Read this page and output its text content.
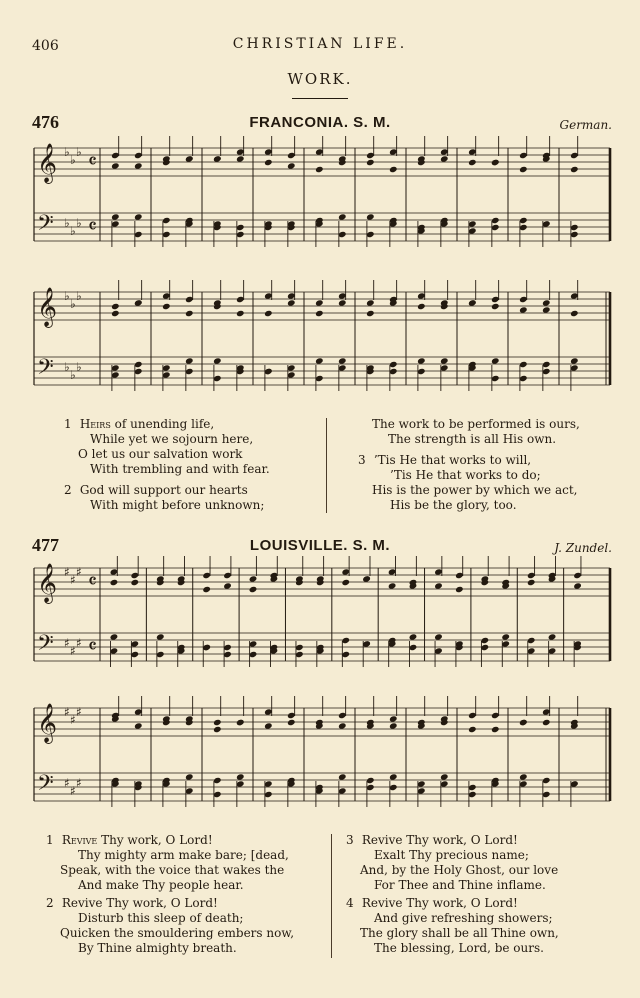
406	CHRISTIAN LIFE.
WORK.
476	FRANCONIA. S. M.	German.
477	LOUISVILLE. S. M.	J. Zundel.
𝄞 ♭
♭
♭ 𝄴
𝄢 ♭
♭
♭ 𝄴
𝄞 ♭
♭
♭
𝄢 ♭
♭
♭
𝄞 ♯
♯
♯ 𝄴
𝄢 ♯
♯
♯ 𝄴
𝄞 ♯
♯
♯
𝄢 ♯
♯
♯
1 Heirs of unending life,
While yet we sojourn here,
O let us our salvation work
With trembling and with fear.
2 God will support our hearts
With might before unknown;
The work to be performed is ours,
The strength is all His own.
3 ’Tis He that works to will,
’Tis He that works to do;
His is the power by which we act,
His be the glory, too.
1 Revive Thy work, O Lord!
Thy mighty arm make bare; [dead,
Speak, with the voice that wakes the
And make Thy people hear.
2 Revive Thy work, O Lord!
Disturb this sleep of death;
Quicken the smouldering embers now,
By Thine almighty breath.
3 Revive Thy work, O Lord!
Exalt Thy precious name;
And, by the Holy Ghost, our love
For Thee and Thine inflame.
4 Revive Thy work, O Lord!
And give refreshing showers;
The glory shall be all Thine own,
The blessing, Lord, be ours.
